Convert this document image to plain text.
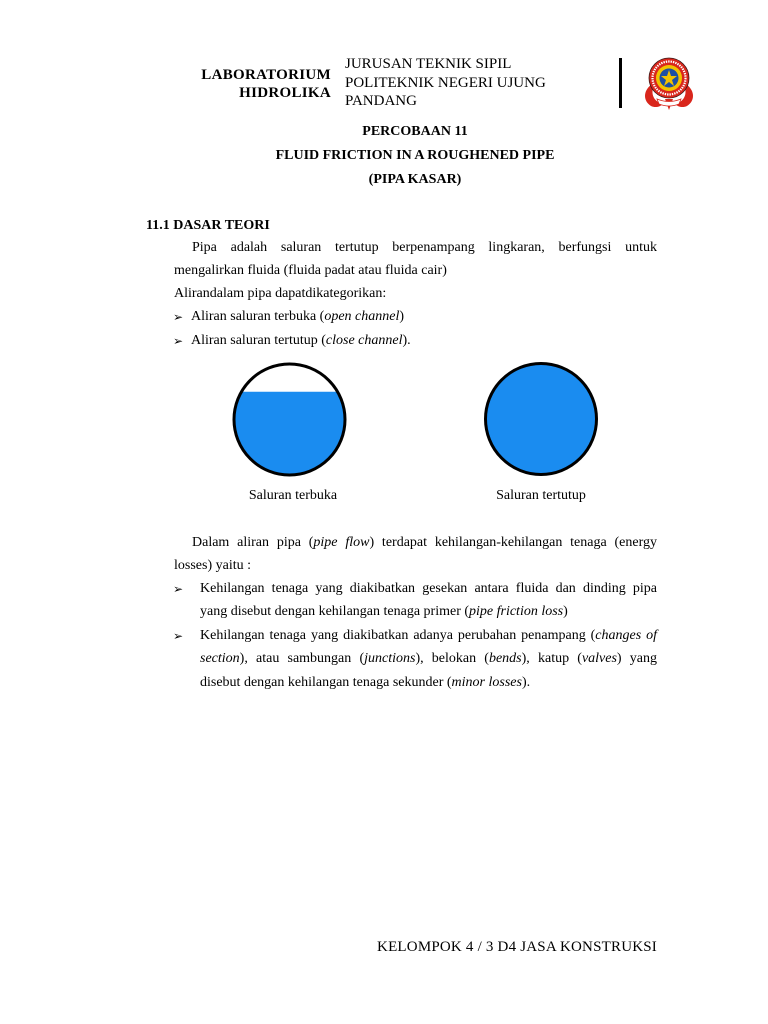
LABORATORIUM
HIDROLIKA
JURUSAN TEKNIK SIPIL
POLITEKNIK NEGERI UJUNG
PANDANG
PERCOBAAN 11
FLUID FRICTION IN A ROUGHENED PIPE
(PIPA KASAR)
11.1 DASAR TEORI
Pipa adalah saluran tertutup berpenampang lingkaran, berfungsi untuk
mengalirkan fluida (fluida padat atau fluida cair)
Alirandalam pipa dapatdikategorikan:
➢ Aliran saluran terbuka (open channel)
➢ Aliran saluran tertutup (close channel).
Saluran terbuka	Saluran tertutup
Dalam aliran pipa (pipe flow) terdapat kehilangan-kehilangan tenaga (energy
losses) yaitu :
➢ Kehilangan tenaga yang diakibatkan gesekan antara fluida dan dinding pipa
yang disebut dengan kehilangan tenaga primer (pipe friction loss)
➢ Kehilangan tenaga yang diakibatkan adanya perubahan penampang (changes of
section), atau sambungan (junctions), belokan (bends), katup (valves) yang
disebut dengan kehilangan tenaga sekunder (minor losses).
KELOMPOK 4 / 3 D4 JASA KONSTRUKSI
